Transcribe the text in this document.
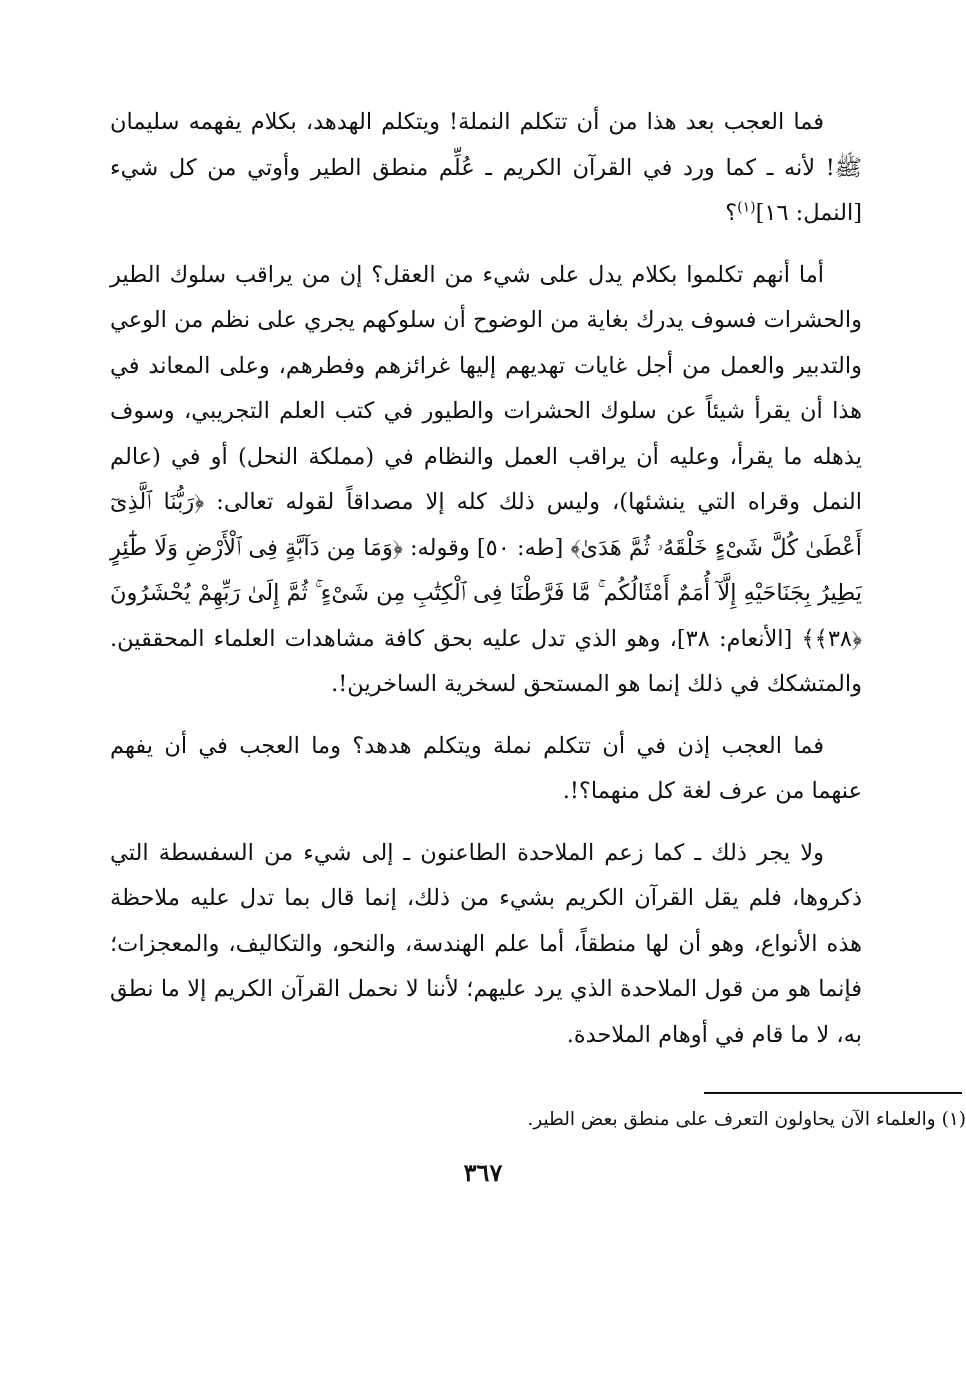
فما العجب بعد هذا من أن تتكلم النملة! ويتكلم الهدهد، بكلام يفهمه سليمان ﷺ! لأنه ـ كما ورد في القرآن الكريم ـ عُلِّم منطق الطير وأوتي من كل شيء [النمل: ١٦]$^{(١)}$؟

أما أنهم تكلموا بكلام يدل على شيء من العقل؟ إن من يراقب سلوك الطير والحشرات فسوف يدرك بغاية من الوضوح أن سلوكهم يجري على نظم من الوعي والتدبير والعمل من أجل غايات تهديهم إليها غرائزهم وفطرهم، وعلى المعاند في هذا أن يقرأ شيئاً عن سلوك الحشرات والطيور في كتب العلم التجريبي، وسوف يذهله ما يقرأ، وعليه أن يراقب العمل والنظام في (مملكة النحل) أو في (عالم النمل وقراه التي ينشئها)، وليس ذلك كله إلا مصداقاً لقوله تعالى: ﴿رَبُّنَا ٱلَّذِىٓ أَعْطَىٰ كُلَّ شَىْءٍ خَلْقَهُۥ ثُمَّ هَدَىٰ﴾ [طه: ٥٠] وقوله: ﴿وَمَا مِن دَآبَّةٍ فِى ٱلْأَرْضِ وَلَا طَٰٓئِرٍ يَطِيرُ بِجَنَاحَيْهِ إِلَّآ أُمَمٌ أَمْثَالُكُم ۚ مَّا فَرَّطْنَا فِى ٱلْكِتَٰبِ مِن شَىْءٍ ۚ ثُمَّ إِلَىٰ رَبِّهِمْ يُحْشَرُونَ ﴿٣٨﴾﴾ [الأنعام: ٣٨]، وهو الذي تدل عليه بحق كافة مشاهدات العلماء المحققين. والمتشكك في ذلك إنما هو المستحق لسخرية الساخرين!.

فما العجب إذن في أن تتكلم نملة ويتكلم هدهد؟ وما العجب في أن يفهم عنهما من عرف لغة كل منهما؟!.

ولا يجر ذلك ـ كما زعم الملاحدة الطاعنون ـ إلى شيء من السفسطة التي ذكروها، فلم يقل القرآن الكريم بشيء من ذلك، إنما قال بما تدل عليه ملاحظة هذه الأنواع، وهو أن لها منطقاً، أما علم الهندسة، والنحو، والتكاليف، والمعجزات؛ فإنما هو من قول الملاحدة الذي يرد عليهم؛ لأننا لا نحمل القرآن الكريم إلا ما نطق به، لا ما قام في أوهام الملاحدة.

(١) والعلماء الآن يحاولون التعرف على منطق بعض الطير.

٣٦٧
